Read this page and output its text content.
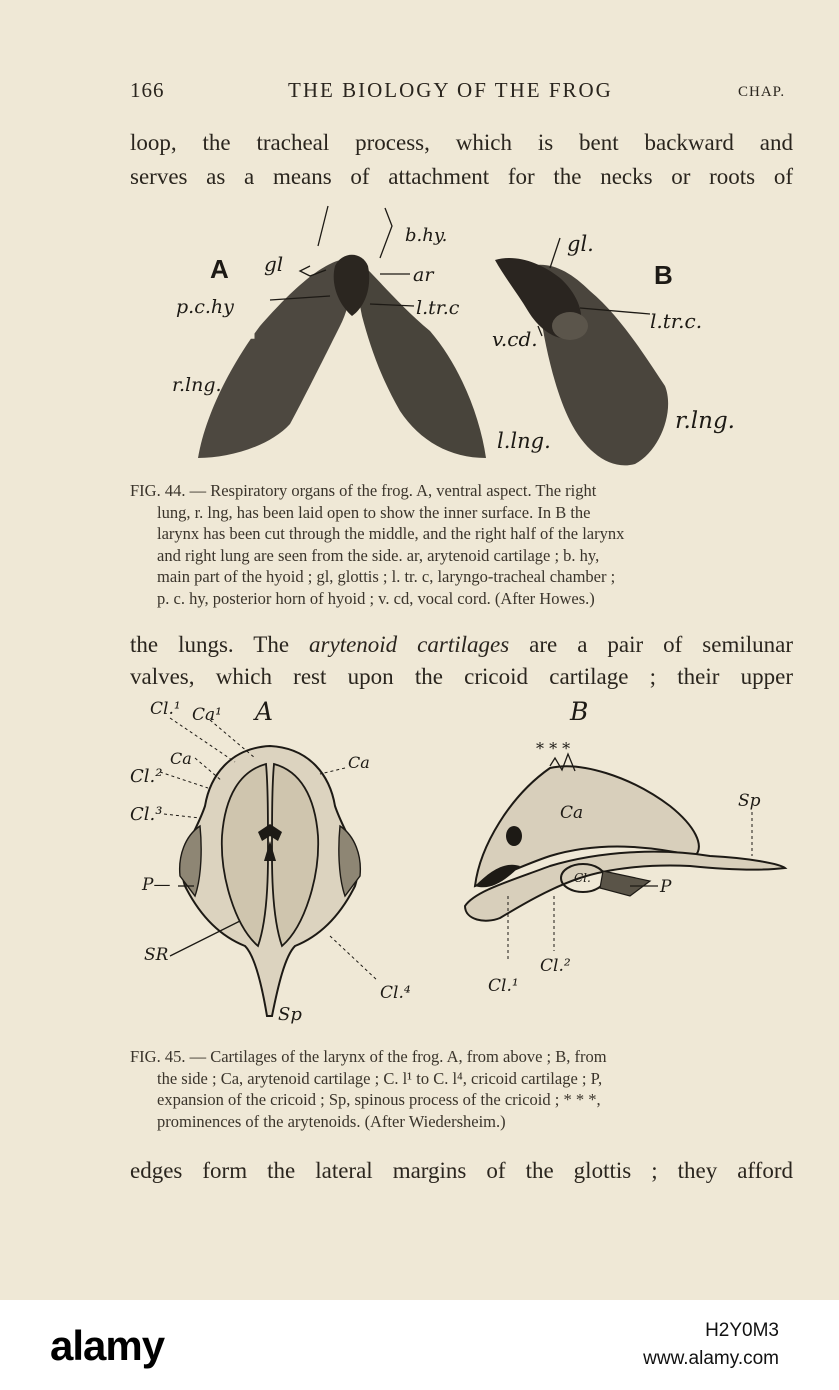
166	THE BIOLOGY OF THE FROG	CHAP.
loop, the tracheal process, which is bent backward and
serves as a means of attachment for the necks or roots of
A gl
b.hy.
ar
p.c.hy	l.tr.c
r.lng.
gl.
B
l.tr.c.
v.cd.
l.lng.
r.lng.
FIG. 44. — Respiratory organs of the frog. A, ventral aspect. The right
lung, r. lng, has been laid open to show the inner surface. In B the
larynx has been cut through the middle, and the right half of the larynx
and right lung are seen from the side. ar, arytenoid cartilage ; b. hy,
main part of the hyoid ; gl, glottis ; l. tr. c, laryngo-tracheal chamber ;
p. c. hy, posterior horn of hyoid ; v. cd, vocal cord. (After Howes.)
the lungs. The arytenoid cartilages are a pair of semilunar
valves, which rest upon the cricoid cartilage ; their upper
Cl.¹ Ca¹ A
Ca	Ca
Cl.²
Cl.³
P—
SR
Cl.⁴
Sp
B
* * *
Sp
Ca
Cl.	P
Cl.²
Cl.¹
FIG. 45. — Cartilages of the larynx of the frog. A, from above ; B, from
the side ; Ca, arytenoid cartilage ; C. l¹ to C. l⁴, cricoid cartilage ; P,
expansion of the cricoid ; Sp, spinous process of the cricoid ; * * *,
prominences of the arytenoids. (After Wiedersheim.)
edges form the lateral margins of the glottis ; they afford
alamy	H2Y0M3
www.alamy.com
